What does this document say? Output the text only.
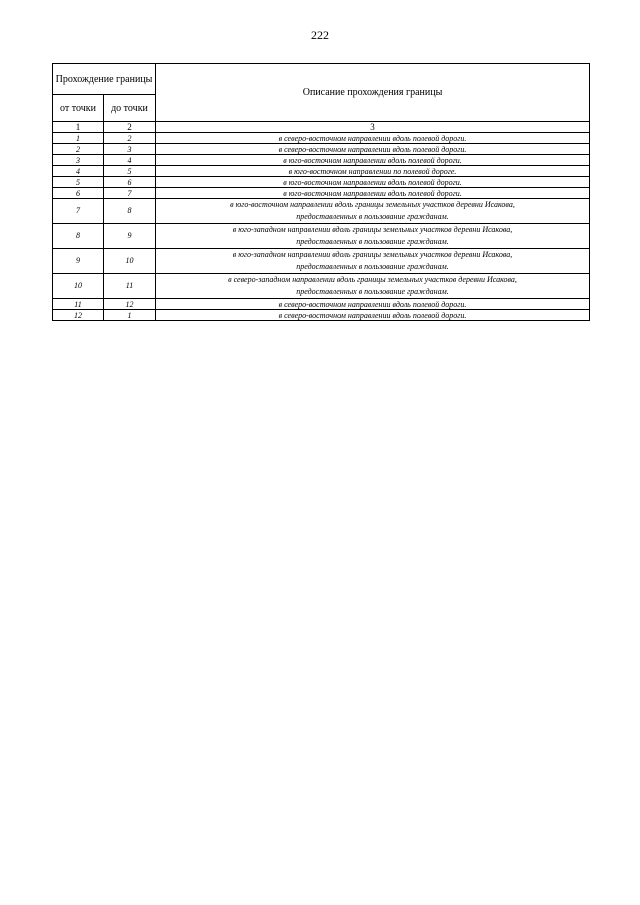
222
Прохождение границы		Описание прохождения границы
от точки	до точки	
1	2	3
1	2	в северо-восточном направлении вдоль полевой дороги.

2	3	в северо-восточном направлении вдоль полевой дороги.

3	4	в юго-восточном направлении вдоль полевой дороги.

4	5	в юго-восточном направлении по полевой дороге.

5	6	в юго-восточном направлении вдоль полевой дороги.

6	7	в юго-восточном направлении вдоль полевой дороги.

7	8	в юго-восточном направлении вдоль границы земельных участков деревни Исакова,
предоставленных в пользование гражданам.

8	9	в юго-западном направлении вдоль границы земельных участков деревни Исакова,
предоставленных в пользование гражданам.

9	10	в юго-западном направлении вдоль границы земельных участков деревни Исакова,
предоставленных в пользование гражданам.

10	11	в северо-западном направлении вдоль границы земельных участков деревни Исакова,
предоставленных в пользование гражданам.

11	12	в северо-восточном направлении вдоль полевой дороги.

12	1	в северо-восточном направлении вдоль полевой дороги.
